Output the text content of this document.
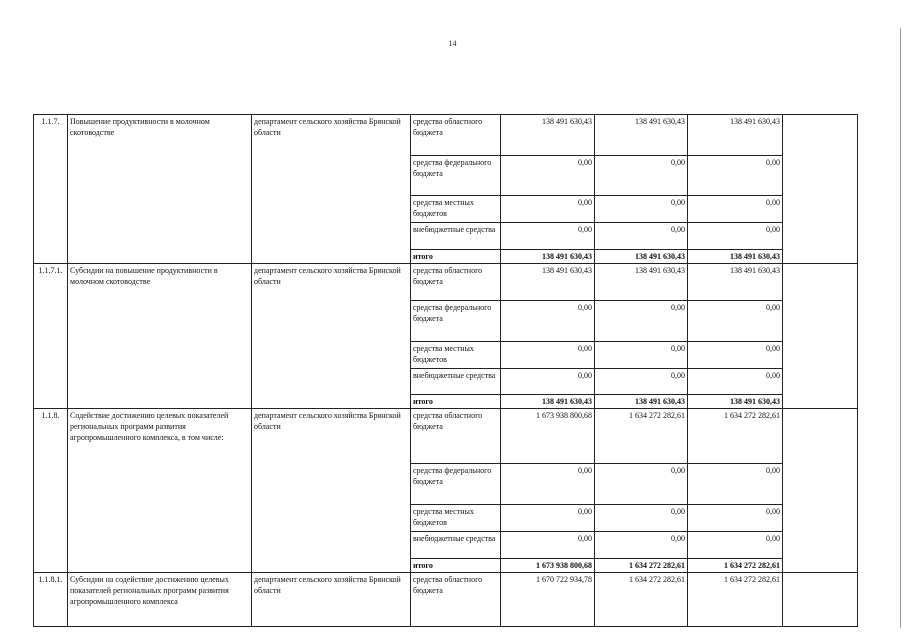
14
1.1.7.	Повышение продуктивности в молочном скотоводстве	департамент сельского хозяйства Брянской области	средства областного бюджета	138 491 630,43	138 491 630,43	138 491 630,43	
			средства федерального бюджета	0,00	0,00	0,00	
			средства местных бюджетов	0,00	0,00	0,00	
			внебюджетные средства	0,00	0,00	0,00	
			итого	138 491 630,43	138 491 630,43	138 491 630,43	
1.1.7.1.	Субсидии на повышение продуктивности в молочном скотоводстве	департамент сельского хозяйства Брянской области	средства областного бюджета	138 491 630,43	138 491 630,43	138 491 630,43	
			средства федерального бюджета	0,00	0,00	0,00	
			средства местных бюджетов	0,00	0,00	0,00	
			внебюджетные средства	0,00	0,00	0,00	
			итого	138 491 630,43	138 491 630,43	138 491 630,43	
1.1.8.	Содействие достижению целевых показателей региональных программ развития агропромышленного комплекса, в том числе:	департамент сельского хозяйства Брянской области	средства областного бюджета	1 673 938 800,68	1 634 272 282,61	1 634 272 282,61	
			средства федерального бюджета	0,00	0,00	0,00	
			средства местных бюджетов	0,00	0,00	0,00	
			внебюджетные средства	0,00	0,00	0,00	
			итого	1 673 938 800,68	1 634 272 282,61	1 634 272 282,61	
1.1.8.1.	Субсидии на содействие достижению целевых показателей региональных программ развития агропромышленного комплекса	департамент сельского хозяйства Брянской области	средства областного бюджета	1 670 722 934,78	1 634 272 282,61	1 634 272 282,61	
